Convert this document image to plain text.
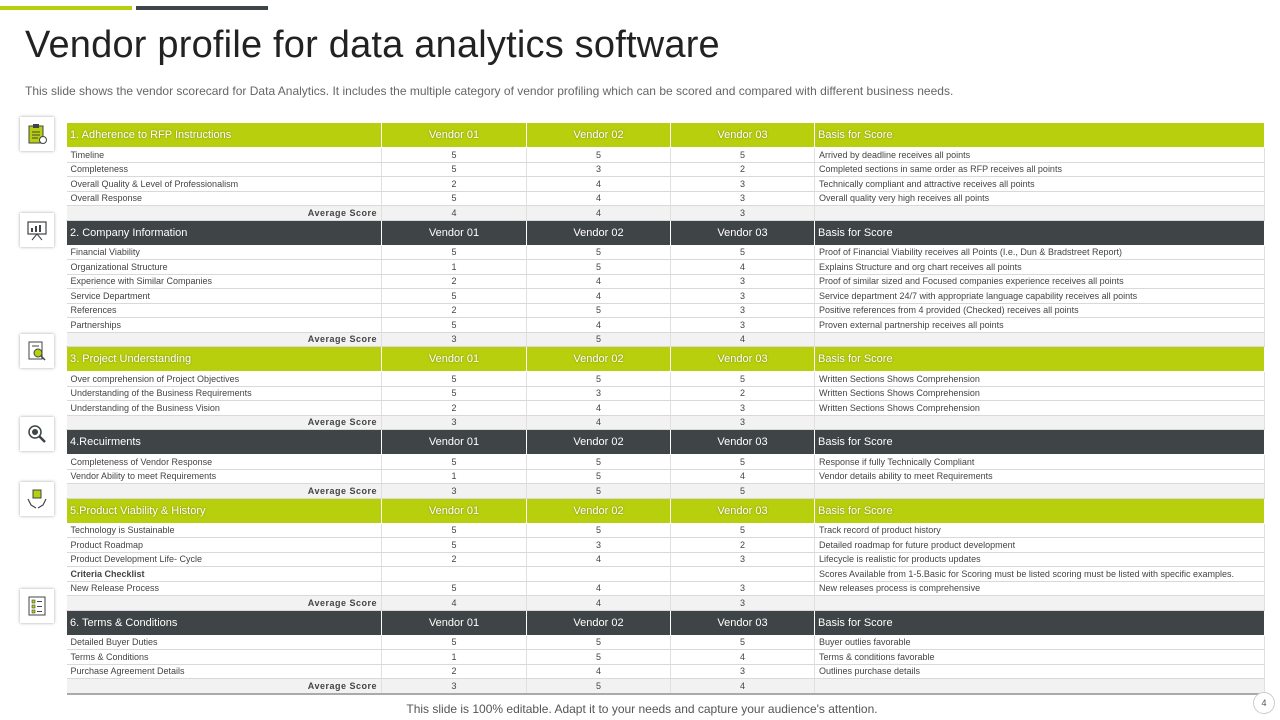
Vendor profile for data analytics software

This slide shows the vendor scorecard for Data Analytics. It includes the multiple category of vendor profiling which can be scored and compared with different business needs.

1. Adherence to RFP Instructions	Vendor 01	Vendor 02	Vendor 03	Basis for Score
Timeline	5	5	5	Arrived by deadline receives all points
Completeness	5	3	2	Completed sections in same order as RFP receives all points
Overall Quality & Level of Professionalism	2	4	3	Technically compliant and attractive receives all points
Overall Response	5	4	3	Overall quality very high receives all points
Average Score	4	4	3	
2. Company Information	Vendor 01	Vendor 02	Vendor 03	Basis for Score
Financial Viability	5	5	5	Proof of Financial Viability receives all Points (I.e., Dun & Bradstreet Report)
Organizational Structure	1	5	4	Explains Structure and org chart receives all points
Experience with Similar Companies	2	4	3	Proof of similar sized and Focused companies experience receives all points
Service Department	5	4	3	Service department 24/7 with appropriate language capability receives all points
References	2	5	3	Positive references from 4 provided (Checked) receives all points
Partnerships	5	4	3	Proven external partnership receives all points
Average Score	3	5	4	
3. Project Understanding	Vendor 01	Vendor 02	Vendor 03	Basis for Score
Over comprehension of Project Objectives	5	5	5	Written Sections Shows Comprehension
Understanding of the Business Requirements	5	3	2	Written Sections Shows Comprehension
Understanding of the Business Vision	2	4	3	Written Sections Shows Comprehension
Average Score	3	4	3	
4.Recuirments	Vendor 01	Vendor 02	Vendor 03	Basis for Score
Completeness of Vendor Response	5	5	5	Response if fully Technically Compliant
Vendor Ability to meet Requirements	1	5	4	Vendor details ability to meet Requirements
Average Score	3	5	5	
5.Product Viability & History	Vendor 01	Vendor 02	Vendor 03	Basis for Score
Technology is Sustainable	5	5	5	Track record of product history
Product Roadmap	5	3	2	Detailed roadmap for future product development
Product Development Life- Cycle	2	4	3	Lifecycle is realistic for products updates
Criteria Checklist				Scores Available from 1-5.Basic for Scoring must be listed scoring must be listed with specific examples.
New Release Process	5	4	3	New releases process is comprehensive
Average Score	4	4	3	
6. Terms & Conditions	Vendor 01	Vendor 02	Vendor 03	Basis for Score
Detailed Buyer Duties	5	5	5	Buyer outlies favorable
Terms & Conditions	1	5	4	Terms & conditions favorable
Purchase Agreement Details	2	4	3	Outlines purchase details
Average Score	3	5	4	

This slide is 100% editable. Adapt it to your needs and capture your audience's attention.	4
